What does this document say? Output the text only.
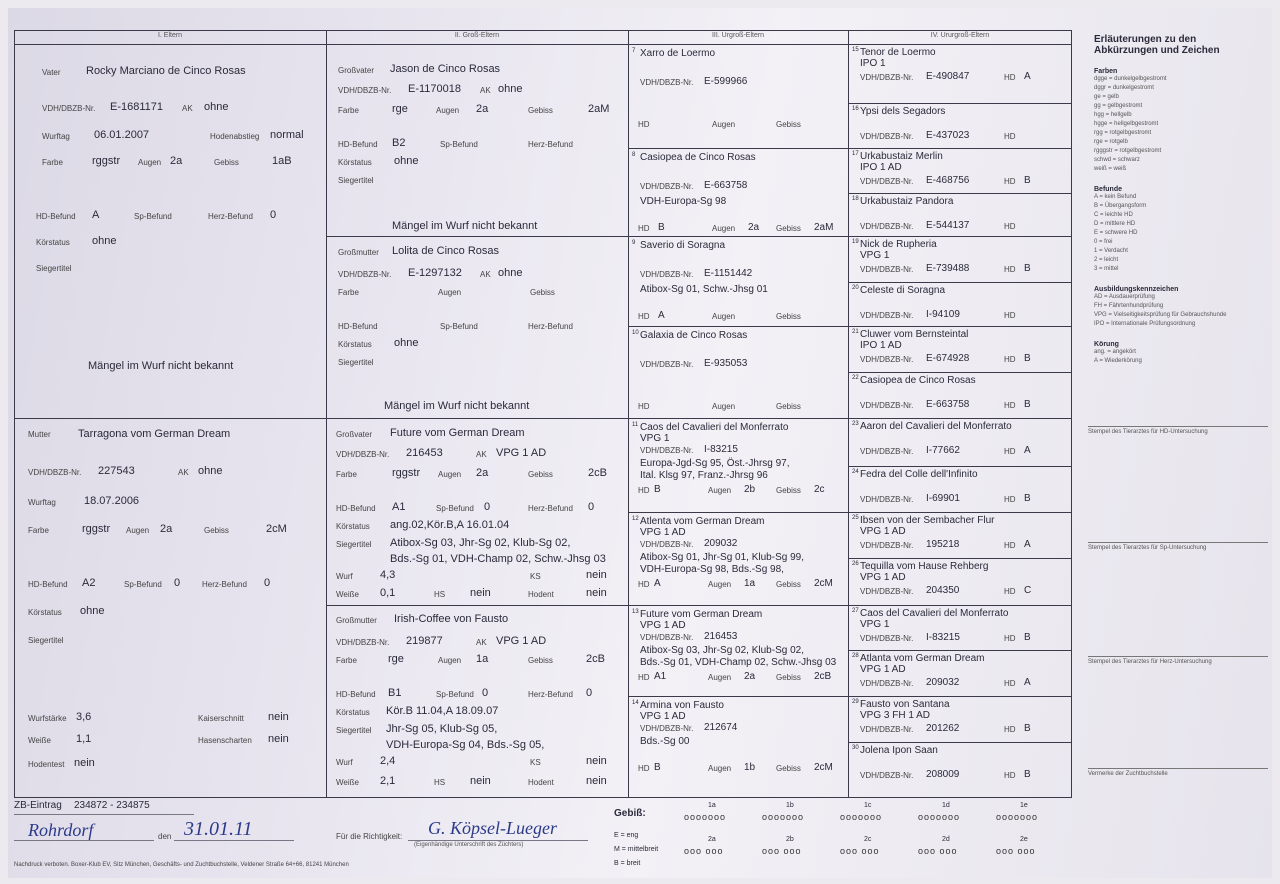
I. Eltern	II. Groß-Eltern	III. Urgroß-Eltern	IV. Ururgroß-Eltern
Vater Rocky Marciano de Cinco Rosas
VDH/DBZB-Nr. E-1681171 AK ohne
Wurftag 06.01.2007	Hodenabstieg normal
Farbe	rggstr Augen 2a	Gebiss	1aB
HD-Befund A	Sp-Befund	Herz-Befund 0
Körstatus ohne
Siegertitel
Mängel im Wurf nicht bekannt
Mutter Tarragona vom German Dream
VDH/DBZB-Nr. 227543	AK ohne
Wurftag	18.07.2006
Farbe	rggstr Augen 2a	Gebiss	2cM
HD-Befund A2	Sp-Befund 0	Herz-Befund 0
Körstatus ohne
Siegertitel
Wurfstärke 3,6	Kaiserschnitt nein
Weiße 1,1	Hasenscharten nein
Hodentest nein
Großvater Jason de Cinco Rosas
VDH/DBZB-Nr. E-1170018 AK ohne
Farbe	rge	Augen 2a	Gebiss	2aM
HD-Befund B2	Sp-Befund	Herz-Befund
Körstatus ohne
Siegertitel
Mängel im Wurf nicht bekannt
Großmutter Lolita de Cinco Rosas
VDH/DBZB-Nr. E-1297132 AK ohne
Farbe	Augen	Gebiss
HD-Befund	Sp-Befund	Herz-Befund
Körstatus ohne
Siegertitel
Mängel im Wurf nicht bekannt
Großvater Future vom German Dream
VDH/DBZB-Nr. 216453	AK VPG 1 AD
Farbe	rggstr Augen 2a	Gebiss	2cB
HD-Befund A1	Sp-Befund 0	Herz-Befund 0
Körstatus ang.02,Kör.B,A 16.01.04
Siegertitel Atibox-Sg 03, Jhr-Sg 02, Klub-Sg 02,
Bds.-Sg 01, VDH-Champ 02, Schw.-Jhsg 03
Wurf 4,3	KS	nein
Weiße 0,1	HS nein	Hodent	nein
Großmutter Irish-Coffee von Fausto
VDH/DBZB-Nr. 219877	AK VPG 1 AD
Farbe	rge	Augen 1a	Gebiss	2cB
HD-Befund B1	Sp-Befund 0	Herz-Befund 0
Körstatus Kör.B 11.04,A 18.09.07
Siegertitel Jhr-Sg 05, Klub-Sg 05,
VDH-Europa-Sg 04, Bds.-Sg 05,
Wurf 2,4	KS	nein
Weiße 2,1	HS nein	Hodent	nein
7 Xarro de Loermo
VDH/DBZB-Nr. E-599966
HD	Augen	Gebiss
8 Casiopea de Cinco Rosas
VDH/DBZB-Nr. E-663758
VDH-Europa-Sg 98
HD B	Augen 2a Gebiss 2aM
9 Saverio di Soragna
VDH/DBZB-Nr. E-1151442
Atibox-Sg 01, Schw.-Jhsg 01
HD A	Augen	Gebiss
10 Galaxia de Cinco Rosas
VDH/DBZB-Nr. E-935053
HD	Augen	Gebiss
11 Caos del Cavalieri del Monferrato
VPG 1
VDH/DBZB-Nr. I-83215
Europa-Jgd-Sg 95, Öst.-Jhrsg 97,
Ital. Klsg 97, Franz.-Jhrsg 96
HD B	Augen 2b	Gebiss 2c
12 Atlenta vom German Dream
VPG 1 AD
VDH/DBZB-Nr. 209032
Atibox-Sg 01, Jhr-Sg 01, Klub-Sg 99,
VDH-Europa-Sg 98, Bds.-Sg 98,
HD A	Augen 1a	Gebiss 2cM
13 Future vom German Dream
VPG 1 AD
VDH/DBZB-Nr. 216453
Atibox-Sg 03, Jhr-Sg 02, Klub-Sg 02,
Bds.-Sg 01, VDH-Champ 02, Schw.-Jhsg 03
HD A1	Augen 2a	Gebiss 2cB
14 Armina von Fausto
VPG 1 AD
VDH/DBZB-Nr. 212674
Bds.-Sg 00
HD B	Augen 1b	Gebiss 2cM
15 Tenor de Loermo
IPO 1
VDH/DBZB-Nr. E-490847	HD A
16 Ypsi dels Segadors
VDH/DBZB-Nr. E-437023	HD
17 Urkabustaiz Merlin
IPO 1 AD
VDH/DBZB-Nr. E-468756	HD B
18 Urkabustaiz Pandora
VDH/DBZB-Nr. E-544137	HD
19 Nick de Rupheria
VPG 1
VDH/DBZB-Nr. E-739488	HD B
20 Celeste di Soragna
VDH/DBZB-Nr. I-94109	HD
21 Cluwer vom Bernsteintal
IPO 1 AD
VDH/DBZB-Nr. E-674928	HD B
22 Casiopea de Cinco Rosas
VDH/DBZB-Nr. E-663758	HD B
23 Aaron del Cavalieri del Monferrato
VDH/DBZB-Nr. I-77662	HD A
24 Fedra del Colle dell'Infinito
VDH/DBZB-Nr. I-69901	HD B
25 Ibsen von der Sembacher Flur
VPG 1 AD
VDH/DBZB-Nr. 195218	HD A
26 Tequilla vom Hause Rehberg
VPG 1 AD
VDH/DBZB-Nr. 204350	HD C
27 Caos del Cavalieri del Monferrato
VPG 1
VDH/DBZB-Nr. I-83215	HD B
28 Atlanta vom German Dream
VPG 1 AD
VDH/DBZB-Nr. 209032	HD A
29 Fausto von Santana
VPG 3 FH 1 AD
VDH/DBZB-Nr. 201262	HD B
30 Jolena Ipon Saan
VDH/DBZB-Nr. 208009	HD B
Erläuterungen zu den
Abkürzungen und Zeichen
Farben
dgge = dunkelgelbgestromt
dggr = dunkelgestromt
ge = gelb
gg = gelbgestromt
hgg = hellgelb
hgge = hellgelbgestromt
rgg = rotgelbgestromt
rge = rotgelb
rgggstr = rotgelbgestromt
schwd = schwarz
weiß = weiß
Befunde
A = kein Befund
B = Übergangsform
C = leichte HD
D = mittlere HD
E = schwere HD
0 = frei
1 = Verdacht
2 = leicht
3 = mittel
Ausbildungskennzeichen
AD = Ausdauerprüfung
FH = Fährtenhundprüfung
VPG = Vielseitigkeitsprüfung für Gebrauchshunde
IPO = Internationale Prüfungsordnung
Körung
ang. = angekört
A = Wiederkörung
Stempel des Tierarztes für HD-Untersuchung
Stempel des Tierarztes für Sp-Untersuchung
Stempel des Tierarztes für Herz-Untersuchung
Vermerke der Zuchtbuchstelle
ZB-Eintrag 234872 - 234875
Rohrdorf	den 31.01.11	Für die Richtigkeit: G. Köpsel-Lueger
(Eigenhändige Unterschrift des Züchters)
Nachdruck verboten. Boxer-Klub EV, Sitz München, Geschäfts- und Zuchtbuchstelle, Veldener Straße 64+66, 81241 München
Gebiß:
E = eng
M = mittelbreit
B = breit
1a
ooooooo
1b
ooooooo
1c
ooooooo
1d
ooooooo
1e
ooooooo
2a
ooo ooo
2b
ooo ooo
2c
ooo ooo
2d
ooo ooo
2e
ooo ooo
